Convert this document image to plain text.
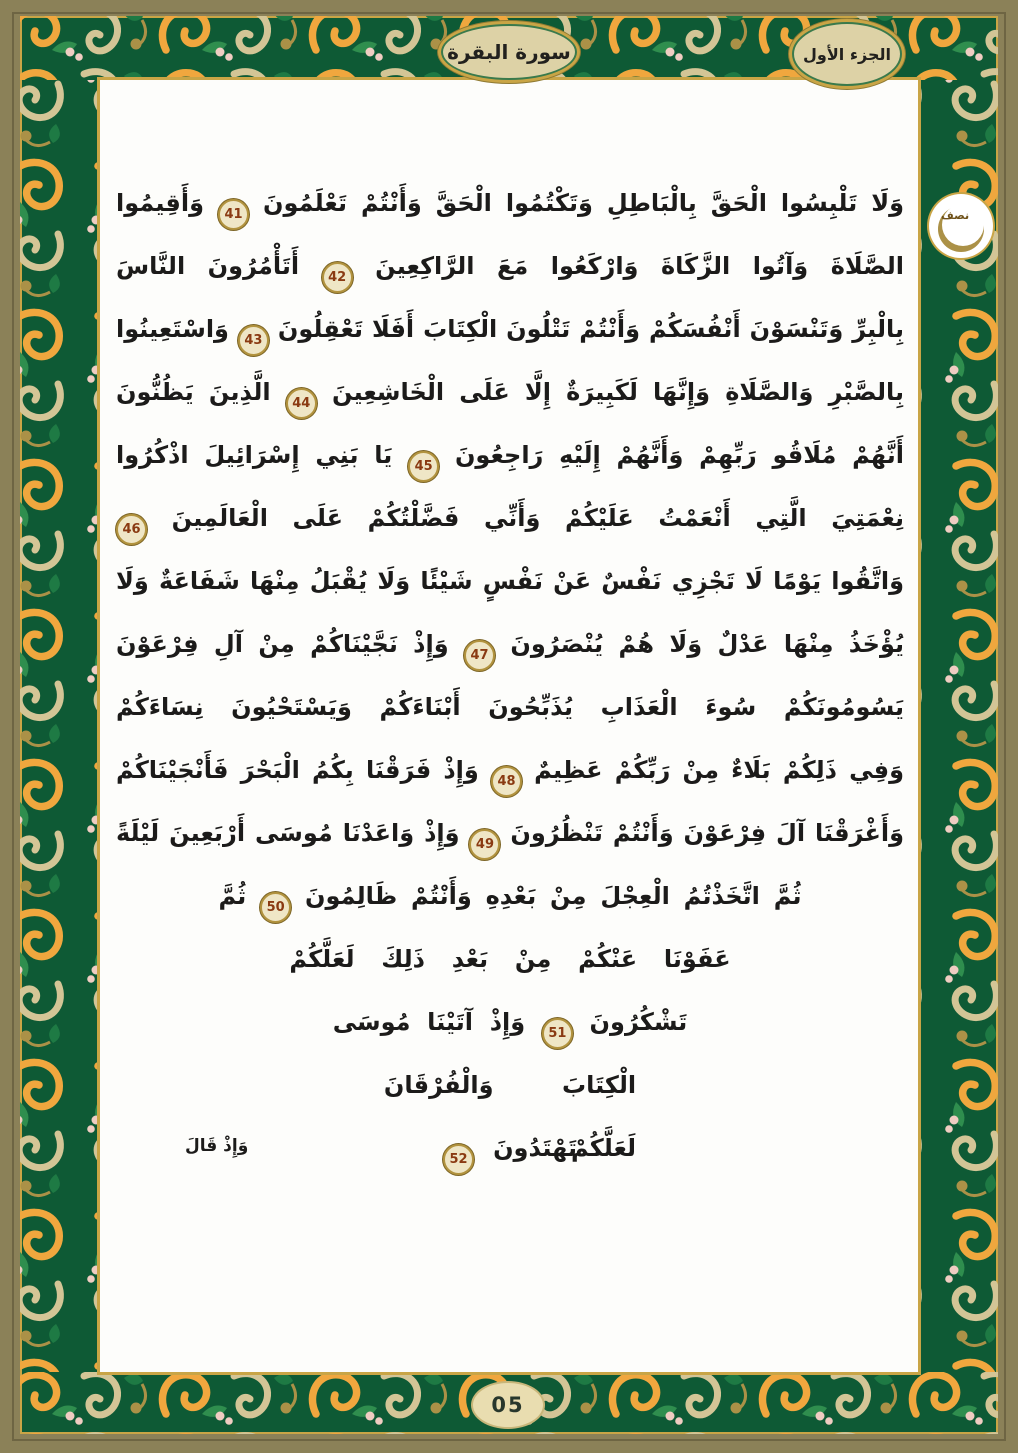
سورة البقرة	الجزء الأول
نصف
وَلَا تَلْبِسُوا الْحَقَّ بِالْبَاطِلِ وَتَكْتُمُوا الْحَقَّ وَأَنْتُمْ تَعْلَمُونَ 41 وَأَقِيمُوا
الصَّلَاةَ وَآتُوا الزَّكَاةَ وَارْكَعُوا مَعَ الرَّاكِعِينَ 42 أَتَأْمُرُونَ النَّاسَ
بِالْبِرِّ وَتَنْسَوْنَ أَنْفُسَكُمْ وَأَنْتُمْ تَتْلُونَ الْكِتَابَ أَفَلَا تَعْقِلُونَ 43 وَاسْتَعِينُوا
بِالصَّبْرِ وَالصَّلَاةِ وَإِنَّهَا لَكَبِيرَةٌ إِلَّا عَلَى الْخَاشِعِينَ 44 الَّذِينَ يَظُنُّونَ
أَنَّهُمْ مُلَاقُو رَبِّهِمْ وَأَنَّهُمْ إِلَيْهِ رَاجِعُونَ 45 يَا بَنِي إِسْرَائِيلَ اذْكُرُوا
نِعْمَتِيَ الَّتِي أَنْعَمْتُ عَلَيْكُمْ وَأَنِّي فَضَّلْتُكُمْ عَلَى الْعَالَمِينَ 46
وَاتَّقُوا يَوْمًا لَا تَجْزِي نَفْسٌ عَنْ نَفْسٍ شَيْئًا وَلَا يُقْبَلُ مِنْهَا شَفَاعَةٌ وَلَا
يُؤْخَذُ مِنْهَا عَدْلٌ وَلَا هُمْ يُنْصَرُونَ 47 وَإِذْ نَجَّيْنَاكُمْ مِنْ آلِ فِرْعَوْنَ
يَسُومُونَكُمْ سُوءَ الْعَذَابِ يُذَبِّحُونَ أَبْنَاءَكُمْ وَيَسْتَحْيُونَ نِسَاءَكُمْ
وَفِي ذَلِكُمْ بَلَاءٌ مِنْ رَبِّكُمْ عَظِيمٌ 48 وَإِذْ فَرَقْنَا بِكُمُ الْبَحْرَ فَأَنْجَيْنَاكُمْ
وَأَغْرَقْنَا آلَ فِرْعَوْنَ وَأَنْتُمْ تَنْظُرُونَ 49 وَإِذْ وَاعَدْنَا مُوسَى أَرْبَعِينَ لَيْلَةً
ثُمَّ اتَّخَذْتُمُ الْعِجْلَ مِنْ بَعْدِهِ وَأَنْتُمْ ظَالِمُونَ 50 ثُمَّ
عَفَوْنَا عَنْكُمْ مِنْ بَعْدِ ذَلِكَ لَعَلَّكُمْ
تَشْكُرُونَ 51 وَإِذْ آتَيْنَا مُوسَى
الْكِتَابَ وَالْفُرْقَانَ لَعَلَّكُمْ
تَهْتَدُونَ 52
وَإِذْ قَالَ
05
